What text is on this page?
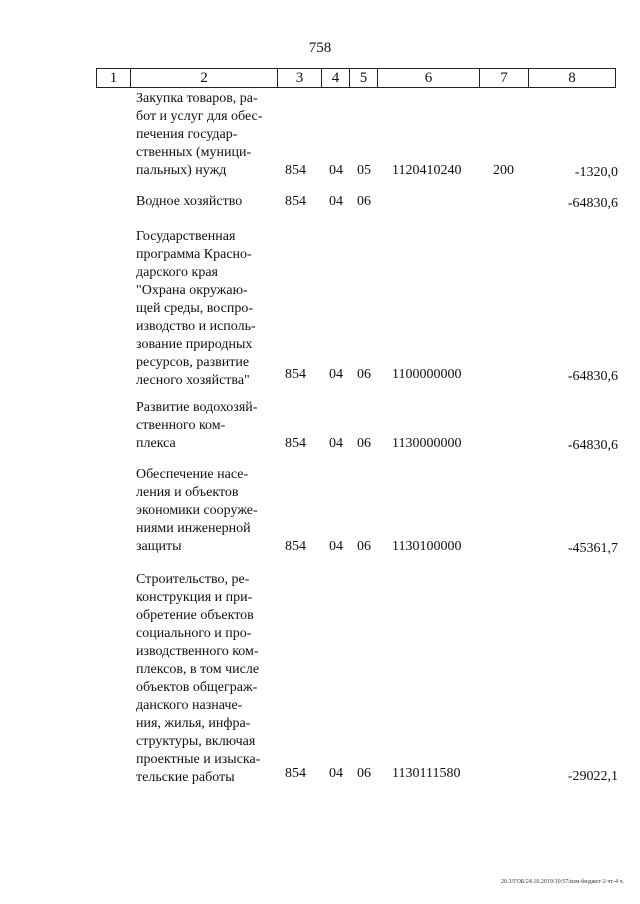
758
1	2	3	4	5	6	7	8
Закупка товаров, ра-
бот и услуг для обес-
печения государ-
ственных (муници-
пальных) нужд	854 04 05 1120410240 200	-1320,0
Водное хозяйство	854 04 06	-64830,6
Государственная
программа Красно-
дарского края
"Охрана окружаю-
щей среды, воспро-
изводство и исполь-
зование природных
ресурсов, развитие
лесного хозяйства"	854 04 06 1100000000	-64830,6
Развитие водохозяй-
ственного ком-
плекса	854 04 06 1130000000	-64830,6
Обеспечение насе-
ления и объектов
экономики сооруже-
ниями инженерной
защиты	854 04 06 1130100000	-45361,7
Строительство, ре-
конструкция и при-
обретение объектов
социального и про-
изводственного ком-
плексов, в том числе
объектов общеграж-
данского назначе-
ния, жилья, инфра-
структуры, включая
проектные и изыска-
тельские работы	854 04 06 1130111580	-29022,1
20.3/ГОБ/24.10.2019/10:57/изм-бюджет-2 чт-4 ч.
